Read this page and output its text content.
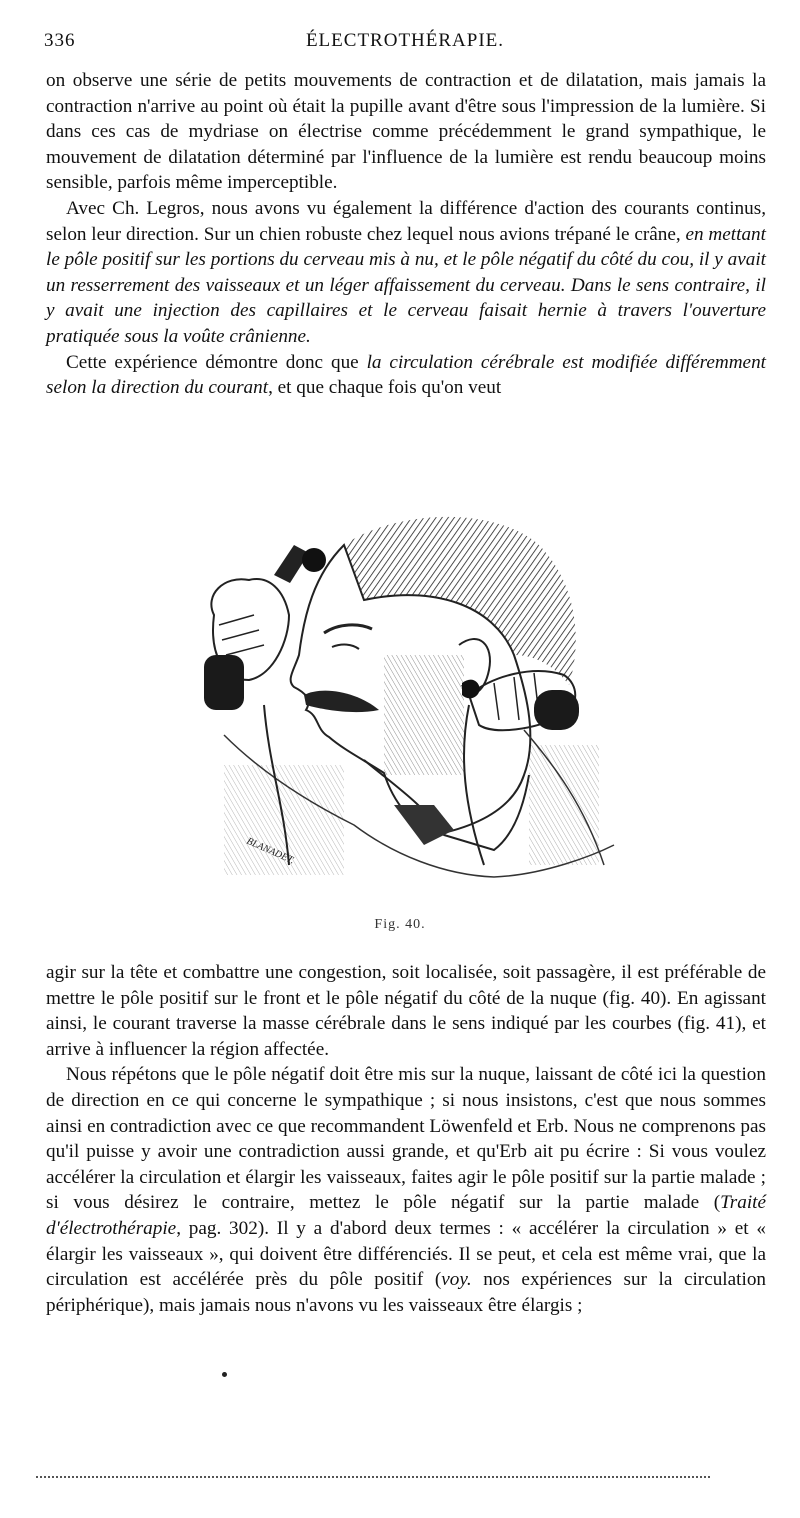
336	ÉLECTROTHÉRAPIE.

on observe une série de petits mouvements de contraction et de dilatation, mais jamais la contraction n'arrive au point où était la pupille avant d'être sous l'impression de la lumière. Si dans ces cas de mydriase on électrise comme précédemment le grand sympathique, le mouvement de dilatation déterminé par l'influence de la lumière est rendu beaucoup moins sensible, parfois même imperceptible.

Avec Ch. Legros, nous avons vu également la différence d'action des courants continus, selon leur direction. Sur un chien robuste chez lequel nous avions trépané le crâne, en mettant le pôle positif sur les portions du cerveau mis à nu, et le pôle négatif du côté du cou, il y avait un resserrement des vaisseaux et un léger affaissement du cerveau. Dans le sens contraire, il y avait une injection des capillaires et le cerveau faisait hernie à travers l'ouverture pratiquée sous la voûte crânienne.

Cette expérience démontre donc que la circulation cérébrale est modifiée différemment selon la direction du courant, et que chaque fois qu'on veut

BLANADET.
Fig. 40.

agir sur la tête et combattre une congestion, soit localisée, soit passagère, il est préférable de mettre le pôle positif sur le front et le pôle négatif du côté de la nuque (fig. 40). En agissant ainsi, le courant traverse la masse cérébrale dans le sens indiqué par les courbes (fig. 41), et arrive à influencer la région affectée.

Nous répétons que le pôle négatif doit être mis sur la nuque, laissant de côté ici la question de direction en ce qui concerne le sympathique ; si nous insistons, c'est que nous sommes ainsi en contradiction avec ce que recommandent Löwenfeld et Erb. Nous ne comprenons pas qu'il puisse y avoir une contradiction aussi grande, et qu'Erb ait pu écrire : Si vous voulez accélérer la circulation et élargir les vaisseaux, faites agir le pôle positif sur la partie malade ; si vous désirez le contraire, mettez le pôle négatif sur la partie malade (Traité d'électrothérapie, pag. 302). Il y a d'abord deux termes : « accélérer la circulation » et « élargir les vaisseaux », qui doivent être différenciés. Il se peut, et cela est même vrai, que la circulation est accélérée près du pôle positif (voy. nos expériences sur la circulation périphérique), mais jamais nous n'avons vu les vaisseaux être élargis ;
